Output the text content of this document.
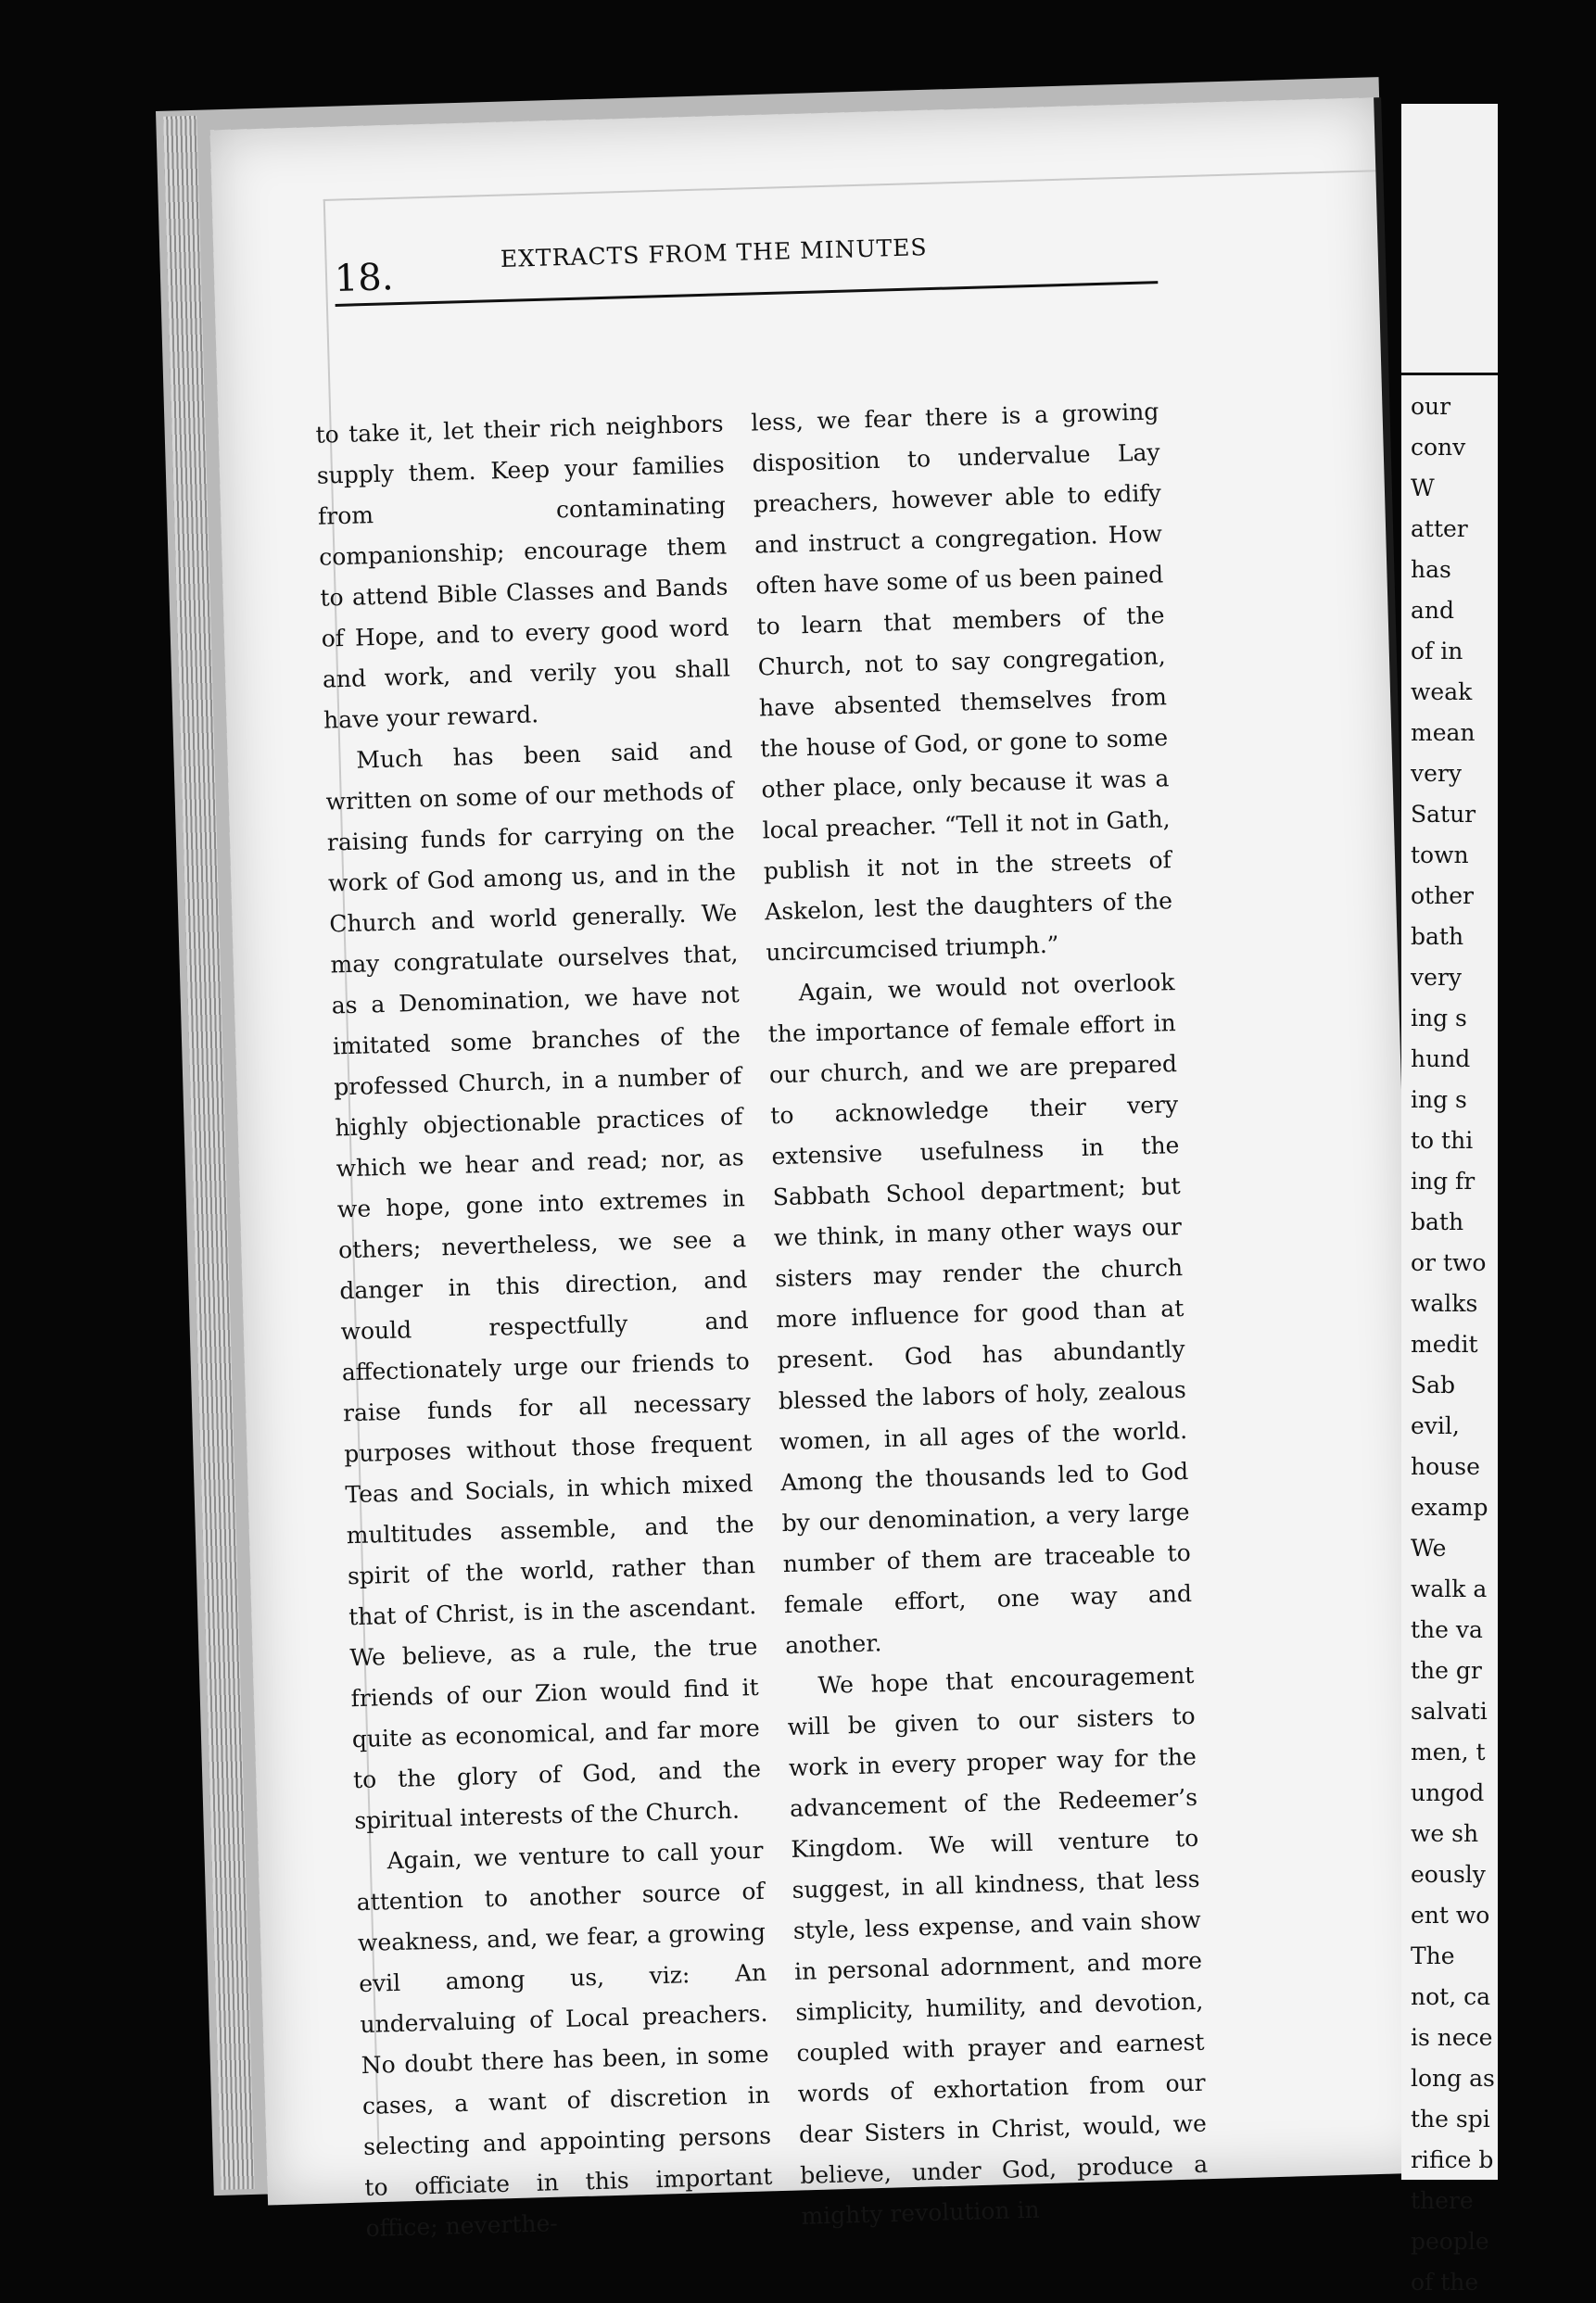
our
conv
W
atter
has
and
of in
weak
mean
very
Satur
town
other
bath
very
ing s
hund
ing s
to thi
ing fr
bath
or two
walks
medit
Sab
evil,
house
examp
We
walk a
the va
the gr
salvati
men, t
ungod
we sh
eously
ent wo
The
not, ca
is nece
long as
the spi
rifice b
there
people
of the
18.
EXTRACTS FROM THE MINUTES

to take it, let their rich neighbors supply them. Keep your families from contaminating companionship; encourage them to attend Bible Classes and Bands of Hope, and to every good word and work, and verily you shall have your reward.

Much has been said and written on some of our methods of raising funds for carrying on the work of God among us, and in the Church and world generally. We may congratulate ourselves that, as a Denomination, we have not imitated some branches of the professed Church, in a number of highly objectionable practices of which we hear and read; nor, as we hope, gone into extremes in others; nevertheless, we see a danger in this direction, and would respectfully and affectionately urge our friends to raise funds for all necessary purposes without those frequent Teas and Socials, in which mixed multitudes assemble, and the spirit of the world, rather than that of Christ, is in the ascendant. We believe, as a rule, the true friends of our Zion would find it quite as economical, and far more to the glory of God, and the spiritual interests of the Church.

Again, we venture to call your attention to another source of weakness, and, we fear, a growing evil among us, viz: An undervaluing of Local preachers. No doubt there has been, in some cases, a want of discretion in selecting and appointing persons to officiate in this important office; neverthe-

less, we fear there is a growing disposition to undervalue Lay preachers, however able to edify and instruct a congregation. How often have some of us been pained to learn that members of the Church, not to say congregation, have absented themselves from the house of God, or gone to some other place, only because it was a local preacher. “Tell it not in Gath, publish it not in the streets of Askelon, lest the daughters of the uncircumcised triumph.”

Again, we would not overlook the importance of female effort in our church, and we are prepared to acknowledge their very extensive usefulness in the Sabbath School department; but we think, in many other ways our sisters may render the church more influence for good than at present. God has abundantly blessed the labors of holy, zealous women, in all ages of the world. Among the thousands led to God by our denomination, a very large number of them are traceable to female effort, one way and another.

We hope that encouragement will be given to our sisters to work in every proper way for the advancement of the Redeemer’s Kingdom. We will venture to suggest, in all kindness, that less style, less expense, and vain show in personal adornment, and more simplicity, humility, and devotion, coupled with prayer and earnest words of exhortation from our dear Sisters in Christ, would, we believe, under God, produce a mighty revolution in
